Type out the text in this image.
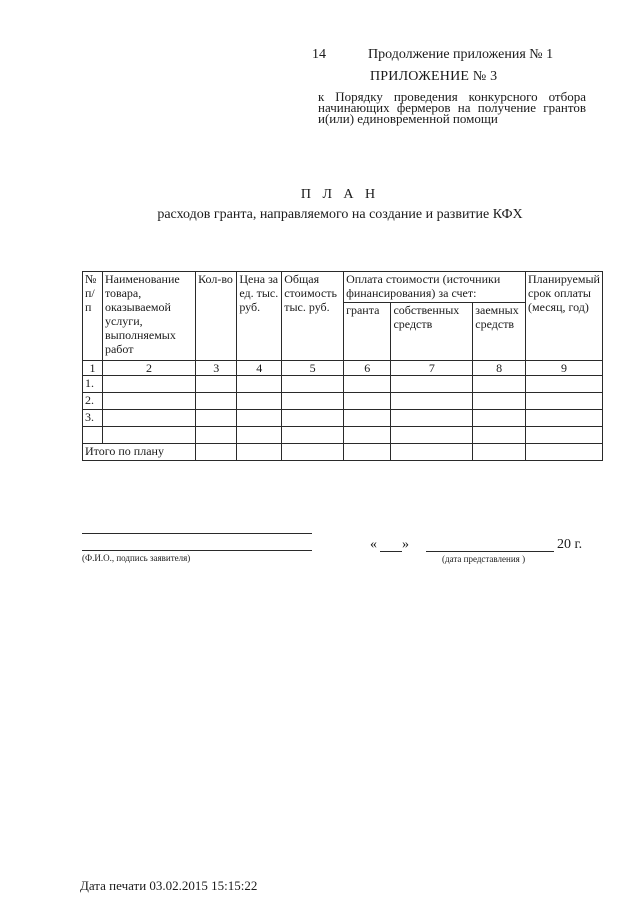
14	Продолжение приложения № 1
ПРИЛОЖЕНИЕ № 3
к Порядку проведения конкурсного отбора начинающих фермеров на получение грантов и(или) единовременной помощи
П Л А Н
расходов гранта, направляемого на создание и развитие КФХ
№ п/п	Наименование товара, оказываемой услуги, выполняемых работ	Кол-во	Цена за ед. тыс. руб.	Общая стоимость тыс. руб.	Оплата стоимости (источники финансирования) за счет:			Планируемый срок оплаты (месяц, год)
					гранта	собственных средств	заемных средств	
1	2	3	4	5	6	7	8	9
1.								
2.								
3.								

Итого по плану								
(Ф.И.О., подпись заявителя)
« »	20 г.
(дата представления )
Дата печати 03.02.2015 15:15:22
